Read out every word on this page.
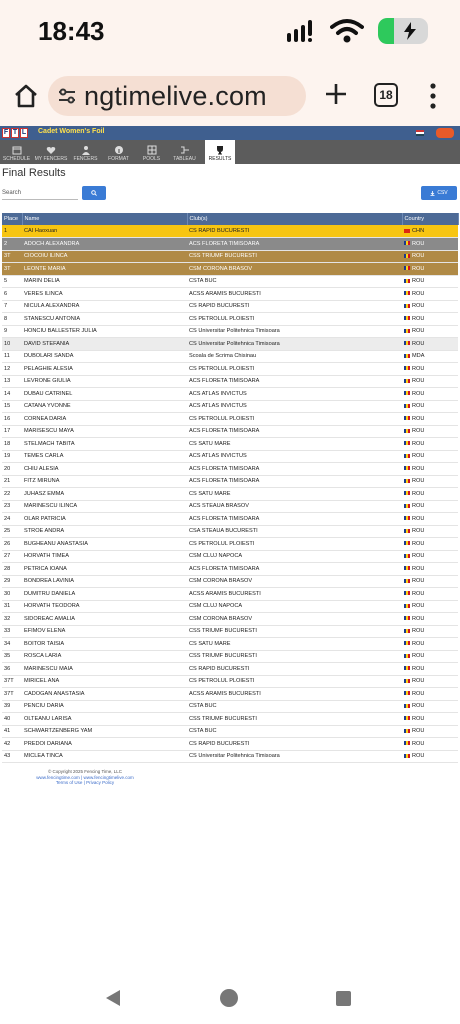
18:43
ngtimelive.com	18
F T L Cadet Women's Foil
SCHEDULE MY FENCERS FENCERS FORMAT	POOLS	TABLEAU	RESULTS
Final Results
Search	CSV
Place	Name	Club(s)	Country
1	CAI Haoxuan	CS RAPID BUCURESTI	CHN
2	ADOCH ALEXANDRA	ACS FLORETA TIMISOARA	ROU
3T	CIOCOIU ILINCA	CSS TRIUMF BUCURESTI	ROU
3T	LEONTE MARIA	CSM CORONA BRASOV	ROU
5	MARIN DELIA	CSTA BUC	ROU
6	VERES ILINCA	ACSS ARAMIS BUCURESTI	ROU
7	NICULA ALEXANDRA	CS RAPID BUCURESTI	ROU
8	STANESCU ANTONIA	CS PETROLUL PLOIESTI	ROU
9	HONCIU BALLESTER JULIA	CS Universitar Politehnica Timisoara	ROU
10	DAVID STEFANIA	CS Universitar Politehnica Timisoara	ROU
11	DUBOLARI SANDA	Scoala de Scrima Chisinau	MDA
12	PELAGHIE ALESIA	CS PETROLUL PLOIESTI	ROU
13	LEVRONE GIULIA	ACS FLORETA TIMISOARA	ROU
14	DUBAU CATRINEL	ACS ATLAS INVICTUS	ROU
15	CATANA YVONNE	ACS ATLAS INVICTUS	ROU
16	CORNEA DARIA	CS PETROLUL PLOIESTI	ROU
17	MARISESCU MAYA	ACS FLORETA TIMISOARA	ROU
18	STELMACH TABITA	CS SATU MARE	ROU
19	TEMES CARLA	ACS ATLAS INVICTUS	ROU
20	CHIU ALESIA	ACS FLORETA TIMISOARA	ROU
21	FITZ MIRUNA	ACS FLORETA TIMISOARA	ROU
22	JUHASZ EMMA	CS SATU MARE	ROU
23	MARINESCU ILINCA	ACS STEAUA BRASOV	ROU
24	OLAR PATRICIA	ACS FLORETA TIMISOARA	ROU
25	STROE ANDRA	CSA STEAUA BUCURESTI	ROU
26	BUGHEANU ANASTASIA	CS PETROLUL PLOIESTI	ROU
27	HORVATH TIMEA	CSM CLUJ NAPOCA	ROU
28	PETRICA IOANA	ACS FLORETA TIMISOARA	ROU
29	BONDREA LAVINIA	CSM CORONA BRASOV	ROU
30	DUMITRU DANIELA	ACSS ARAMIS BUCURESTI	ROU
31	HORVATH TEODORA	CSM CLUJ NAPOCA	ROU
32	SIDOREAC AMALIA	CSM CORONA BRASOV	ROU
33	EFIMOV ELENA	CSS TRIUMF BUCURESTI	ROU
34	BOITOR TAISIA	CS SATU MARE	ROU
35	ROSCA LARIA	CSS TRIUMF BUCURESTI	ROU
36	MARINESCU MAIA	CS RAPID BUCURESTI	ROU
37T	MIRICEL ANA	CS PETROLUL PLOIESTI	ROU
37T	CADOGAN ANASTASIA	ACSS ARAMIS BUCURESTI	ROU
39	PENCIU DARIA	CSTA BUC	ROU
40	OLTEANU LARISA	CSS TRIUMF BUCURESTI	ROU
41	SCHWARTZENBERG YAM	CSTA BUC	ROU
42	PREDOI DARIANA	CS RAPID BUCURESTI	ROU
43	MICLEA TINCA	CS Universitar Politehnica Timisoara	ROU
© Copyright 2025 Fencing Time, LLC
www.fencingtime.com | www.fencingtimelive.com
Terms of Use | Privacy Policy
